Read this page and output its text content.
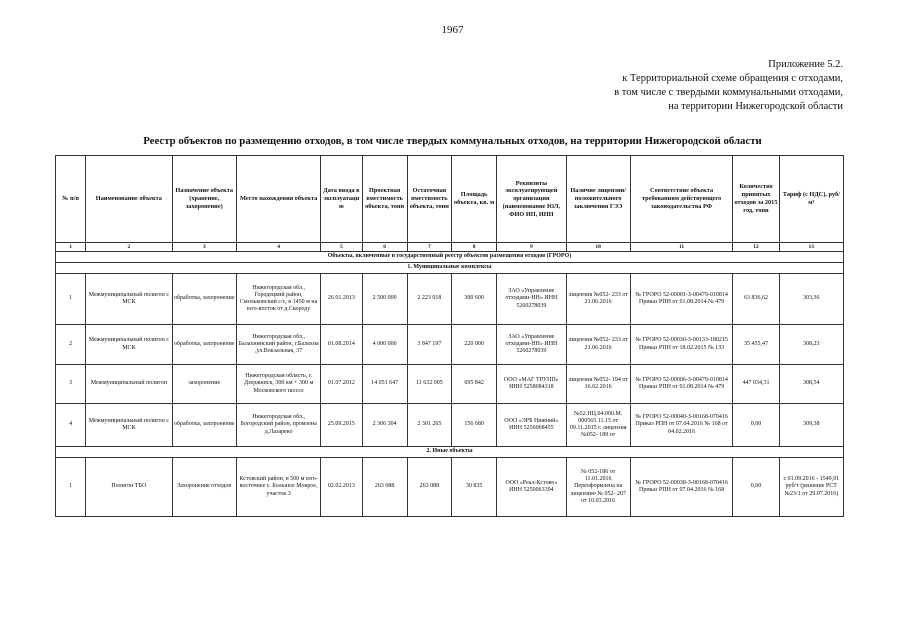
1967
Приложение 5.2.
к Территориальной схеме обращения с отходами,
в том числе с твердыми коммунальными отходами,
на территории Нижегородской области
Реестр объектов по размещению отходов, в том числе твердых коммунальных отходов, на территории Нижегородской области
№ п/п	Наименование объекта	Назначение объекта (хранение, захоронение)	Место нахождения объекта	Дата ввода в эксплуатацию	Проектная вместимость объекта, тонн	Остаточная вместимость объекта, тонн	Площадь объекта, кв. м	Реквизиты эксплуатирующей организации (наименование ЮЛ, ФИО ИП, ИНН	Наличие лицензии/положительного заключения ГЭЭ	Соответствие объекта требованиям действующего законодательства РФ	Количество принятых отходов за 2015 год, тонн	Тариф (с НДС), руб/м³
1	2	3	4	5	6	7	8	9	10	11	12	13
Объекты, включенные в государственный реестр объектов размещения отходов (ГРОРО)												
1. Муниципальные комплексы												
1	Межмуниципальный полигон с МСК	обработка, захоронение	Нижегородская обл., Городецкий район, Смольковский с/с, в 1450 м на юго-восток от д.Скороду	26.01.2013	2 500 000	2 223 018	300 600	ЗАО «Управление отходами-НН» ИНН 5260278039	лицензия №052- 233 от 21.06.2016	№ ГРОРО 52-00001-З-00479-010814 Приказ РПН от 01.08.2014 № 479	63 836,62	303,36
2	Межмуниципальный полигон с МСК	обработка, захоронение	Нижегородская обл., Балахнинский район, г.Балахна ,ул.Вокзальная, 37	01.08.2014	4 000 000	3 847 197	220 000	ЗАО «Управление отходами-НН» ИНН 5260278039	лицензия №052- 233 от 21.06.2016	№ ГРОРО 52-00030-З-00133-180215 Приказ РПН от 18.02.2015 № 133	35 455,47	308,23
3	Межмуниципальный полигон	захоронение	Нижегородская область, г. Дзержинск, 300 км + 300 м Московского шоссе	01.07.2012	14 051 647	11 632 005	695 842	ООО «МАГ ТРУПП» ИНН 5258084318	лицензия №052- 194 от 16.02.2016	№ ГРОРО 52-00006-З-00479-010814 Приказ РПН от 01.08.2014 № 479	447 034,31	308,54
4	Межмуниципальный полигон с МСК	обработка, захоронение	Нижегородская обл., Богородский район, промзона д.Лазарево	25.09.2015	2 306 304	2 301 265	156 680	ООО «ЭРБ Нижний» ИНН 5256068455	№52.НЦ.04.000.М. 000565.11.15 от 09.11.2015 г. лицензия №052- 189 от	№ ГРОРО 52-00040-З-00168-070416 Приказ РПН от 07.04.2016 № 168 от 04.02.2016	0,00	309,38
2. Иные объекты												
1	Полигон ТБО	Захоронение отходов	Кстовский район, в 500 м юго-восточнее с. Большое Мокрое, участок 3	02.02.2013	263 088	263 088	30 835	ООО «Реал-Кстово» ИНН 5250063394	№ 052-186 от 11.01.2016 Переоформлена на лицензию № 052- 207 от 10.03.2016	№ ГРОРО 52-00038-З-00168-070416 Приказ РПН от 07.04.2016 № 168	0,00	с 01.09.2016 - 1549,91 руб/т (решение РСТ №23/1 от 29.07.2016)
